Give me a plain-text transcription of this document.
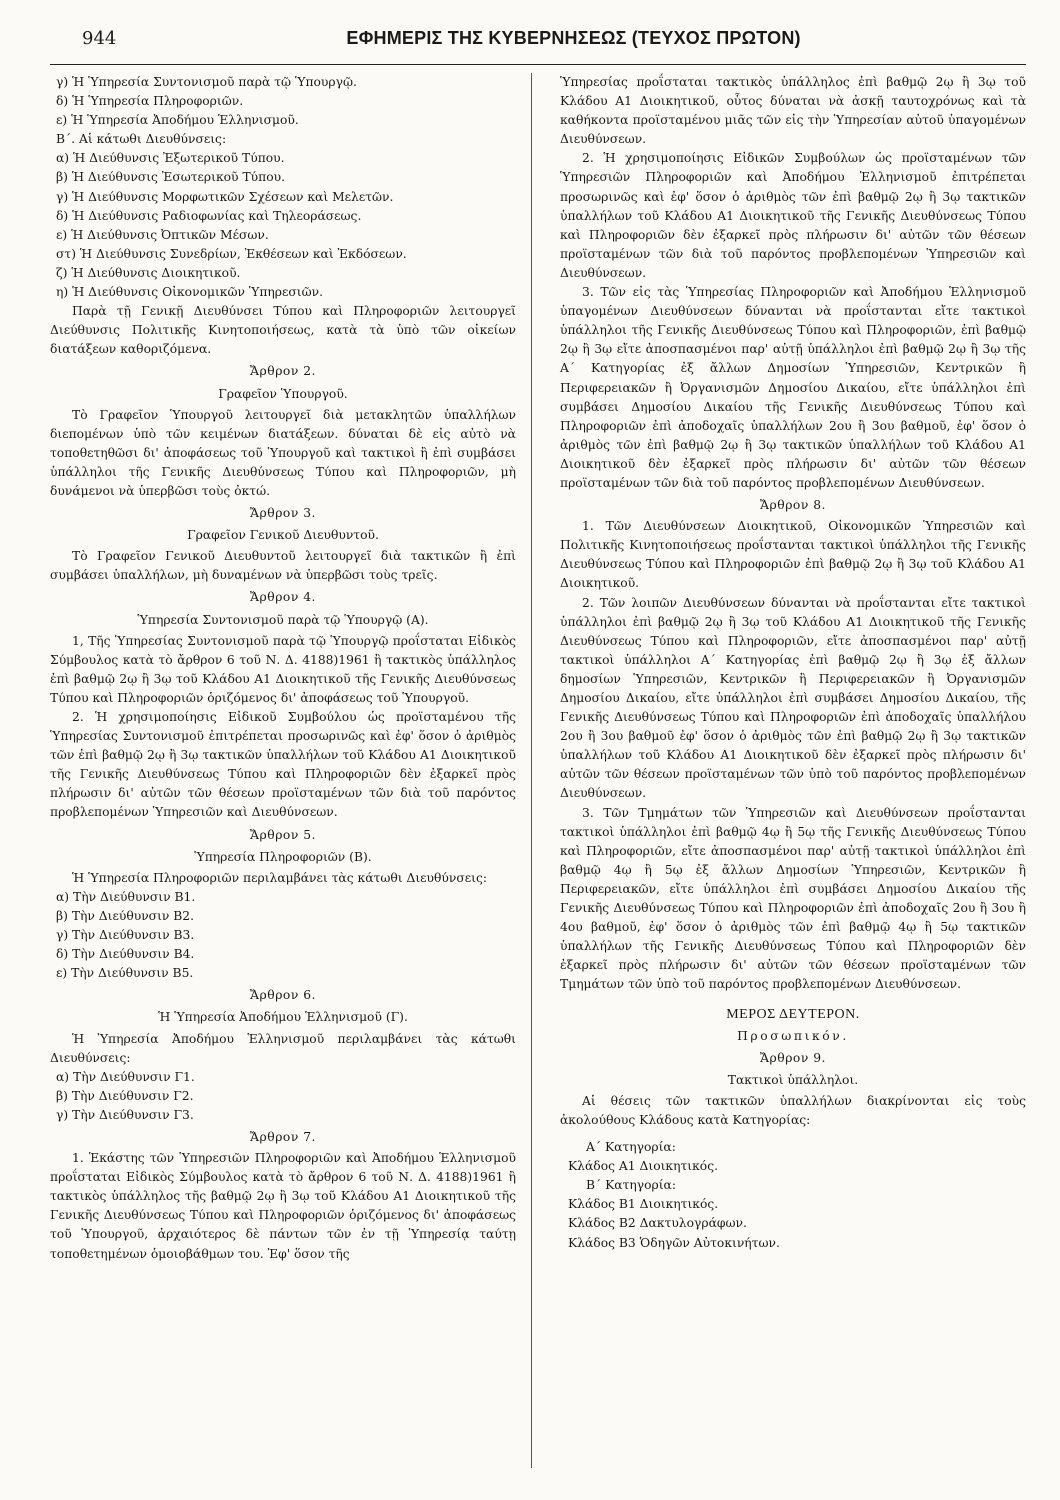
944	ΕΦΗΜΕΡΙΣ ΤΗΣ ΚΥΒΕΡΝΗΣΕΩΣ (ΤΕΥΧΟΣ ΠΡΩΤΟΝ)

γ) Ἡ Ὑπηρεσία Συντονισμοῦ παρὰ τῷ Ὑπουργῷ.

δ) Ἡ Ὑπηρεσία Πληροφοριῶν.

ε) Ἡ Ὑπηρεσία Ἀποδήμου Ἑλληνισμοῦ.

Β΄. Αἱ κάτωθι Διευθύνσεις:

α) Ἡ Διεύθυνσις Ἐξωτερικοῦ Τύπου.

β) Ἡ Διεύθυνσις Ἐσωτερικοῦ Τύπου.

γ) Ἡ Διεύθυνσις Μορφωτικῶν Σχέσεων καὶ Μελετῶν.

δ) Ἡ Διεύθυνσις Ραδιοφωνίας καὶ Τηλεοράσεως.

ε) Ἡ Διεύθυνσις Ὀπτικῶν Μέσων.

στ) Ἡ Διεύθυνσις Συνεδρίων, Ἐκθέσεων καὶ Ἐκδόσεων.

ζ) Ἡ Διεύθυνσις Διοικητικοῦ.

η) Ἡ Διεύθυνσις Οἰκονομικῶν Ὑπηρεσιῶν.

Παρὰ τῇ Γενικῇ Διευθύνσει Τύπου καὶ Πληροφοριῶν λειτουργεῖ Διεύθυνσις Πολιτικῆς Κινητοποιήσεως, κατὰ τὰ ὑπὸ τῶν οἰκείων διατάξεων καθοριζόμενα.

Ἄρθρον 2.

Γραφεῖον Ὑπουργοῦ.

Τὸ Γραφεῖον Ὑπουργοῦ λειτουργεῖ διὰ μετακλητῶν ὑπαλλήλων διεπομένων ὑπὸ τῶν κειμένων διατάξεων. δύναται δὲ εἰς αὐτὸ νὰ τοποθετηθῶσι δι' ἀποφάσεως τοῦ Ὑπουργοῦ καὶ τακτικοὶ ἢ ἐπὶ συμβάσει ὑπάλληλοι τῆς Γενικῆς Διευθύνσεως Τύπου καὶ Πληροφοριῶν, μὴ δυνάμενοι νὰ ὑπερβῶσι τοὺς ὀκτώ.

Ἄρθρον 3.

Γραφεῖον Γενικοῦ Διευθυντοῦ.

Τὸ Γραφεῖον Γενικοῦ Διευθυντοῦ λειτουργεῖ διὰ τακτικῶν ἢ ἐπὶ συμβάσει ὑπαλλήλων, μὴ δυναμένων νὰ ὑπερβῶσι τοὺς τρεῖς.

Ἄρθρον 4.

Ὑπηρεσία Συντονισμοῦ παρὰ τῷ Ὑπουργῷ (Α).

1, Τῆς Ὑπηρεσίας Συντονισμοῦ παρὰ τῷ Ὑπουργῷ προΐσταται Εἰδικὸς Σύμβουλος κατὰ τὸ ἄρθρον 6 τοῦ Ν. Δ. 4188)1961 ἢ τακτικὸς ὑπάλληλος ἐπὶ βαθμῷ 2ῳ ἢ 3ῳ τοῦ Κλάδου Α1 Διοικητικοῦ τῆς Γενικῆς Διευθύνσεως Τύπου καὶ Πληροφοριῶν ὁριζόμενος δι' ἀποφάσεως τοῦ Ὑπουργοῦ.

2. Ἡ χρησιμοποίησις Εἰδικοῦ Συμβούλου ὡς προϊσταμένου τῆς Ὑπηρεσίας Συντονισμοῦ ἐπιτρέπεται προσωρινῶς καὶ ἐφ' ὅσον ὁ ἀριθμὸς τῶν ἐπὶ βαθμῷ 2ῳ ἢ 3ῳ τακτικῶν ὑπαλλήλων τοῦ Κλάδου Α1 Διοικητικοῦ τῆς Γενικῆς Διευθύνσεως Τύπου καὶ Πληροφοριῶν δὲν ἐξαρκεῖ πρὸς πλήρωσιν δι' αὐτῶν τῶν θέσεων προϊσταμένων τῶν διὰ τοῦ παρόντος προβλεπομένων Ὑπηρεσιῶν καὶ Διευθύνσεων.

Ἄρθρον 5.

Ὑπηρεσία Πληροφοριῶν (Β).

Ἡ Ὑπηρεσία Πληροφοριῶν περιλαμβάνει τὰς κάτωθι Διευθύνσεις:

α) Τὴν Διεύθυνσιν Β1.

β) Τὴν Διεύθυνσιν Β2.

γ) Τὴν Διεύθυνσιν Β3.

δ) Τὴν Διεύθυνσιν Β4.

ε) Τὴν Διεύθυνσιν Β5.

Ἄρθρον 6.

Ἡ Ὑπηρεσία Ἀποδήμου Ἑλληνισμοῦ (Γ).

Ἡ Ὑπηρεσία Ἀποδήμου Ἑλληνισμοῦ περιλαμβάνει τὰς κάτωθι Διευθύνσεις:

α) Τὴν Διεύθυνσιν Γ1.

β) Τὴν Διεύθυνσιν Γ2.

γ) Τὴν Διεύθυνσιν Γ3.

Ἄρθρον 7.

1. Ἑκάστης τῶν Ὑπηρεσιῶν Πληροφοριῶν καὶ Ἀποδήμου Ἑλληνισμοῦ προΐσταται Εἰδικὸς Σύμβουλος κατὰ τὸ ἄρθρον 6 τοῦ Ν. Δ. 4188)1961 ἢ τακτικὸς ὑπάλληλος τῆς βαθμῷ 2ῳ ἢ 3ῳ τοῦ Κλάδου Α1 Διοικητικοῦ τῆς Γενικῆς Διευθύνσεως Τύπου καὶ Πληροφοριῶν ὁριζόμενος δι' ἀποφάσεως τοῦ Ὑπουργοῦ, ἀρχαιότερος δὲ πάντων τῶν ἐν τῇ Ὑπηρεσίᾳ ταύτῃ τοποθετημένων ὁμοιοβάθμων του. Ἐφ' ὅσον τῆς

Ὑπηρεσίας προΐσταται τακτικὸς ὑπάλληλος ἐπὶ βαθμῷ 2ῳ ἢ 3ῳ τοῦ Κλάδου Α1 Διοικητικοῦ, οὗτος δύναται νὰ ἀσκῇ ταυτοχρόνως καὶ τὰ καθήκοντα προϊσταμένου μιᾶς τῶν εἰς τὴν Ὑπηρεσίαν αὐτοῦ ὑπαγομένων Διευθύνσεων.

2. Ἡ χρησιμοποίησις Εἰδικῶν Συμβούλων ὡς προϊσταμένων τῶν Ὑπηρεσιῶν Πληροφοριῶν καὶ Ἀποδήμου Ἑλληνισμοῦ ἐπιτρέπεται προσωρινῶς καὶ ἐφ' ὅσον ὁ ἀριθμὸς τῶν ἐπὶ βαθμῷ 2ῳ ἢ 3ῳ τακτικῶν ὑπαλλήλων τοῦ Κλάδου Α1 Διοικητικοῦ τῆς Γενικῆς Διευθύνσεως Τύπου καὶ Πληροφοριῶν δὲν ἐξαρκεῖ πρὸς πλήρωσιν δι' αὐτῶν τῶν θέσεων προϊσταμένων τῶν διὰ τοῦ παρόντος προβλεπομένων Ὑπηρεσιῶν καὶ Διευθύνσεων.

3. Τῶν εἰς τὰς Ὑπηρεσίας Πληροφοριῶν καὶ Ἀποδήμου Ἑλληνισμοῦ ὑπαγομένων Διευθύνσεων δύνανται νὰ προΐστανται εἴτε τακτικοὶ ὑπάλληλοι τῆς Γενικῆς Διευθύνσεως Τύπου καὶ Πληροφοριῶν, ἐπὶ βαθμῷ 2ῳ ἢ 3ῳ εἴτε ἀποσπασμένοι παρ' αὐτῇ ὑπάλληλοι ἐπὶ βαθμῷ 2ῳ ἢ 3ῳ τῆς Α΄ Κατηγορίας ἐξ ἄλλων Δημοσίων Ὑπηρεσιῶν, Κεντρικῶν ἢ Περιφερειακῶν ἢ Ὀργανισμῶν Δημοσίου Δικαίου, εἴτε ὑπάλληλοι ἐπὶ συμβάσει Δημοσίου Δικαίου τῆς Γενικῆς Διευθύνσεως Τύπου καὶ Πληροφοριῶν ἐπὶ ἀποδοχαῖς ὑπαλλήλων 2ου ἢ 3ου βαθμοῦ, ἐφ' ὅσον ὁ ἀριθμὸς τῶν ἐπὶ βαθμῷ 2ῳ ἢ 3ῳ τακτικῶν ὑπαλλήλων τοῦ Κλάδου Α1 Διοικητικοῦ δὲν ἐξαρκεῖ πρὸς πλήρωσιν δι' αὐτῶν τῶν θέσεων προϊσταμένων τῶν διὰ τοῦ παρόντος προβλεπομένων Διευθύνσεων.

Ἄρθρον 8.

1. Τῶν Διευθύνσεων Διοικητικοῦ, Οἰκονομικῶν Ὑπηρεσιῶν καὶ Πολιτικῆς Κινητοποιήσεως προΐστανται τακτικοὶ ὑπάλληλοι τῆς Γενικῆς Διευθύνσεως Τύπου καὶ Πληροφοριῶν ἐπὶ βαθμῷ 2ῳ ἢ 3ῳ τοῦ Κλάδου Α1 Διοικητικοῦ.

2. Τῶν λοιπῶν Διευθύνσεων δύνανται νὰ προΐστανται εἴτε τακτικοὶ ὑπάλληλοι ἐπὶ βαθμῷ 2ῳ ἢ 3ῳ τοῦ Κλάδου Α1 Διοικητικοῦ τῆς Γενικῆς Διευθύνσεως Τύπου καὶ Πληροφοριῶν, εἴτε ἀποσπασμένοι παρ' αὐτῇ τακτικοὶ ὑπάλληλοι Α΄ Κατηγορίας ἐπὶ βαθμῷ 2ῳ ἢ 3ῳ ἐξ ἄλλων δημοσίων Ὑπηρεσιῶν, Κεντρικῶν ἢ Περιφερειακῶν ἢ Ὀργανισμῶν Δημοσίου Δικαίου, εἴτε ὑπάλληλοι ἐπὶ συμβάσει Δημοσίου Δικαίου, τῆς Γενικῆς Διευθύνσεως Τύπου καὶ Πληροφοριῶν ἐπὶ ἀποδοχαῖς ὑπαλλήλου 2ου ἢ 3ου βαθμοῦ ἐφ' ὅσον ὁ ἀριθμὸς τῶν ἐπὶ βαθμῷ 2ῳ ἢ 3ῳ τακτικῶν ὑπαλλήλων τοῦ Κλάδου Α1 Διοικητικοῦ δὲν ἐξαρκεῖ πρὸς πλήρωσιν δι' αὐτῶν τῶν θέσεων προϊσταμένων τῶν ὑπὸ τοῦ παρόντος προβλεπομένων Διευθύνσεων.

3. Τῶν Τμημάτων τῶν Ὑπηρεσιῶν καὶ Διευθύνσεων προΐστανται τακτικοὶ ὑπάλληλοι ἐπὶ βαθμῷ 4ῳ ἢ 5ῳ τῆς Γενικῆς Διευθύνσεως Τύπου καὶ Πληροφοριῶν, εἴτε ἀποσπασμένοι παρ' αὐτῇ τακτικοὶ ὑπάλληλοι ἐπὶ βαθμῷ 4ῳ ἢ 5ῳ ἐξ ἄλλων Δημοσίων Ὑπηρεσιῶν, Κεντρικῶν ἢ Περιφερειακῶν, εἴτε ὑπάλληλοι ἐπὶ συμβάσει Δημοσίου Δικαίου τῆς Γενικῆς Διευθύνσεως Τύπου καὶ Πληροφοριῶν ἐπὶ ἀποδοχαῖς 2ου ἢ 3ου ἢ 4ου βαθμοῦ, ἐφ' ὅσον ὁ ἀριθμὸς τῶν ἐπὶ βαθμῷ 4ῳ ἢ 5ῳ τακτικῶν ὑπαλλήλων τῆς Γενικῆς Διευθύνσεως Τύπου καὶ Πληροφοριῶν δὲν ἐξαρκεῖ πρὸς πλήρωσιν δι' αὐτῶν τῶν θέσεων προϊσταμένων τῶν Τμημάτων τῶν ὑπὸ τοῦ παρόντος προβλεπομένων Διευθύνσεων.

ΜΕΡΟΣ ΔΕΥΤΕΡΟΝ.

Προσωπικόν.

Ἄρθρον 9.

Τακτικοὶ ὑπάλληλοι.

Αἱ θέσεις τῶν τακτικῶν ὑπαλλήλων διακρίνονται εἰς τοὺς ἀκολούθους Κλάδους κατὰ Κατηγορίας:

Α΄ Κατηγορία:

Κλάδος Α1 Διοικητικός.

Β΄ Κατηγορία:

Κλάδος Β1 Διοικητικός.

Κλάδος Β2 Δακτυλογράφων.

Κλάδος Β3 Ὁδηγῶν Αὐτοκινήτων.
